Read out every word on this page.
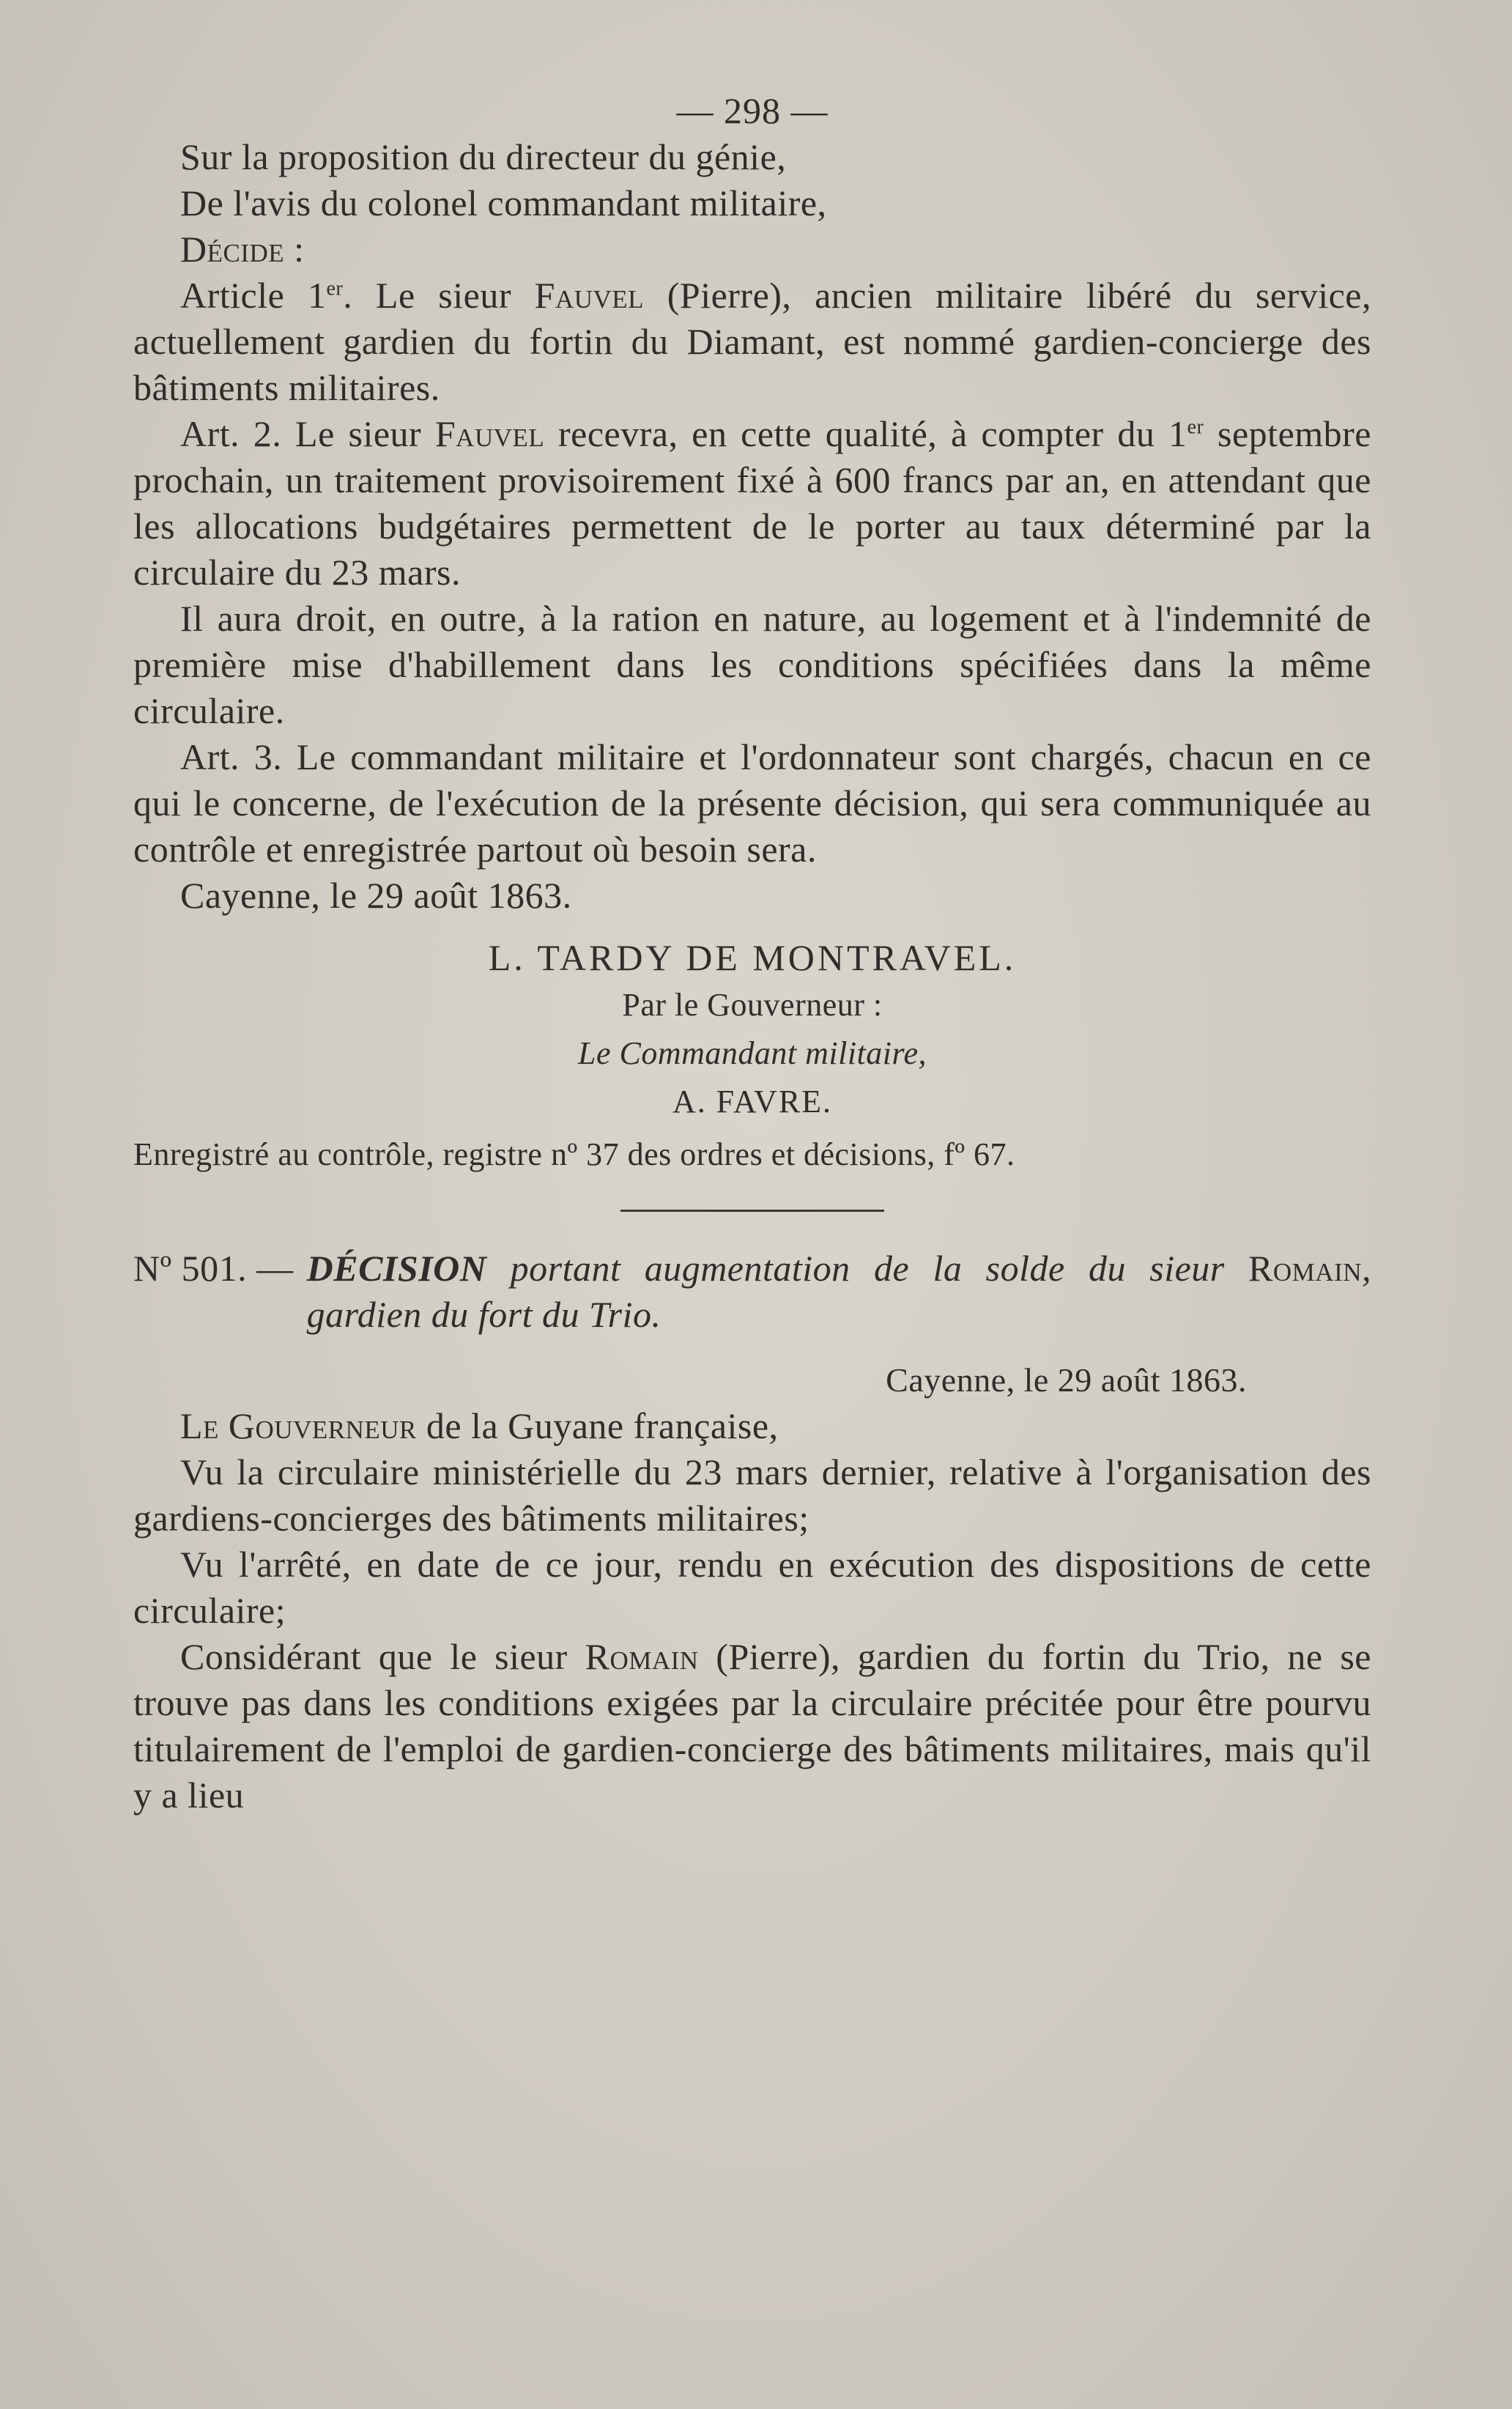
— 298 —

Sur la proposition du directeur du génie,

De l'avis du colonel commandant militaire,

Décide :

Article 1er. Le sieur Fauvel (Pierre), ancien militaire libéré du service, actuellement gardien du fortin du Diamant, est nommé gardien-concierge des bâtiments militaires.

Art. 2. Le sieur Fauvel recevra, en cette qualité, à compter du 1er septembre prochain, un traitement provisoirement fixé à 600 francs par an, en attendant que les allocations budgétaires permettent de le porter au taux déterminé par la circulaire du 23 mars.

Il aura droit, en outre, à la ration en nature, au logement et à l'indemnité de première mise d'habillement dans les conditions spécifiées dans la même circulaire.

Art. 3. Le commandant militaire et l'ordonnateur sont chargés, chacun en ce qui le concerne, de l'exécution de la présente décision, qui sera communiquée au contrôle et enregistrée partout où besoin sera.

Cayenne, le 29 août 1863.

L. TARDY DE MONTRAVEL.
Par le Gouverneur :
Le Commandant militaire,
A. FAVRE.

Enregistré au contrôle, registre nº 37 des ordres et décisions, fº 67.

Nº 501. — DÉCISION portant augmentation de la solde du sieur Romain, gardien du fort du Trio.
Cayenne, le 29 août 1863.

Le Gouverneur de la Guyane française,

Vu la circulaire ministérielle du 23 mars dernier, relative à l'organisation des gardiens-concierges des bâtiments militaires;

Vu l'arrêté, en date de ce jour, rendu en exécution des dispositions de cette circulaire;

Considérant que le sieur Romain (Pierre), gardien du fortin du Trio, ne se trouve pas dans les conditions exigées par la circulaire précitée pour être pourvu titulairement de l'emploi de gardien-concierge des bâtiments militaires, mais qu'il y a lieu
